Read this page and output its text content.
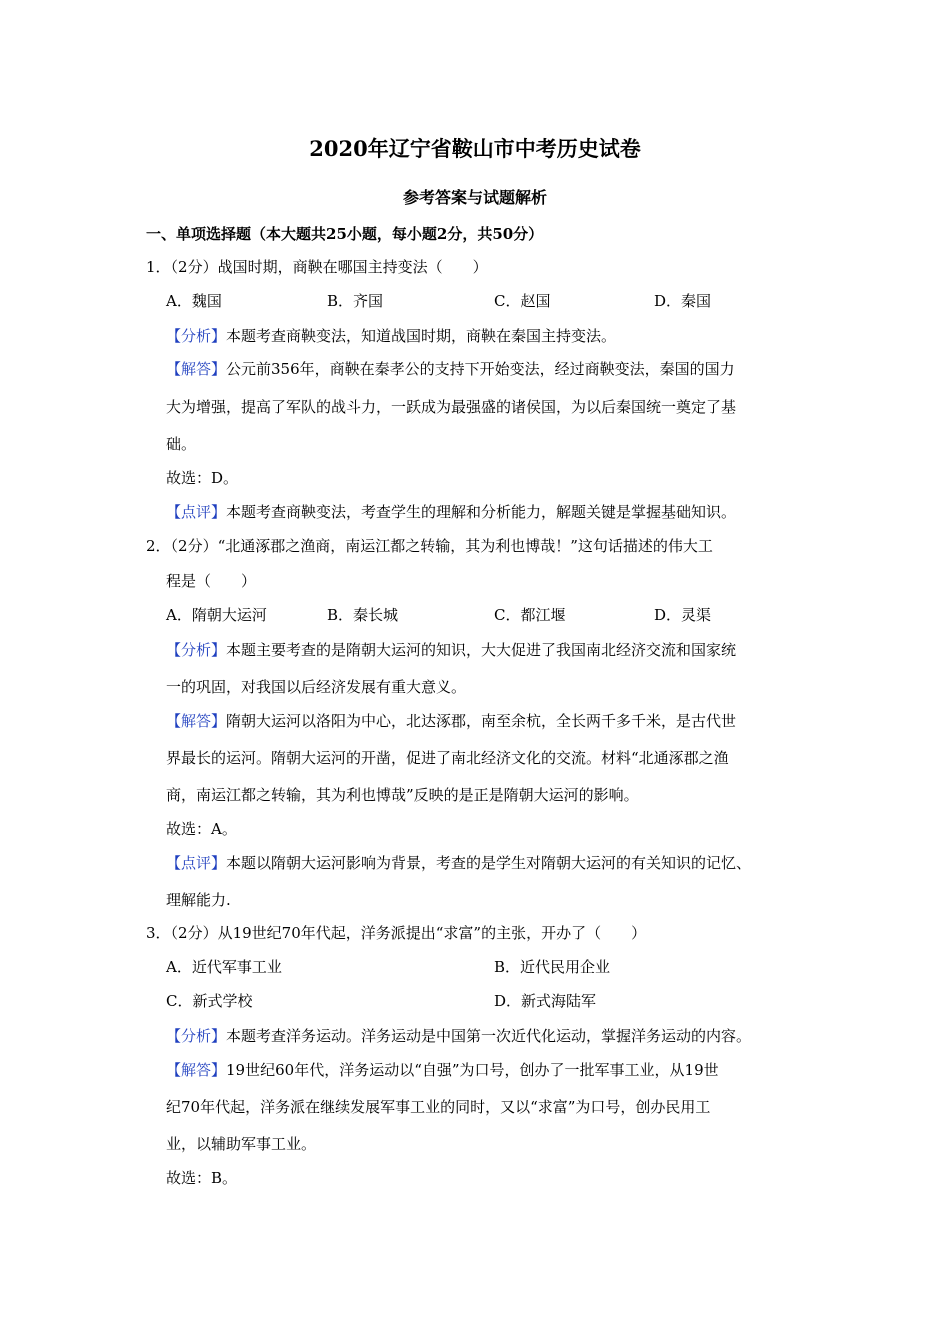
2020年辽宁省鞍山市中考历史试卷
参考答案与试题解析
一、单项选择题（本大题共25小题，每小题2分，共50分）
1．（2分）战国时期，商鞅在哪国主持变法（　　）
A．魏国	B．齐国	C．赵国	D．秦国
【分析】本题考查商鞅变法，知道战国时期，商鞅在秦国主持变法。
【解答】公元前356年，商鞅在秦孝公的支持下开始变法，经过商鞅变法，秦国的国力
大为增强，提高了军队的战斗力，一跃成为最强盛的诸侯国，为以后秦国统一奠定了基
础。
故选：D。
【点评】本题考查商鞅变法，考查学生的理解和分析能力，解题关键是掌握基础知识。
2．（2分）“北通涿郡之渔商，南运江都之转输，其为利也博哉！”这句话描述的伟大工
程是（　　）
A．隋朝大运河	B．秦长城	C．都江堰	D．灵渠
【分析】本题主要考查的是隋朝大运河的知识，大大促进了我国南北经济交流和国家统
一的巩固，对我国以后经济发展有重大意义。
【解答】隋朝大运河以洛阳为中心，北达涿郡，南至余杭，全长两千多千米，是古代世
界最长的运河。隋朝大运河的开凿，促进了南北经济文化的交流。材料“北通涿郡之渔
商，南运江都之转输，其为利也博哉”反映的是正是隋朝大运河的影响。
故选：A。
【点评】本题以隋朝大运河影响为背景，考查的是学生对隋朝大运河的有关知识的记忆、
理解能力.
3．（2分）从19世纪70年代起，洋务派提出“求富”的主张，开办了（　　）
A．近代军事工业	B．近代民用企业
C．新式学校	D．新式海陆军
【分析】本题考查洋务运动。洋务运动是中国第一次近代化运动，掌握洋务运动的内容。
【解答】19世纪60年代，洋务运动以“自强”为口号，创办了一批军事工业，从19世
纪70年代起，洋务派在继续发展军事工业的同时，又以“求富”为口号，创办民用工
业，以辅助军事工业。
故选：B。
